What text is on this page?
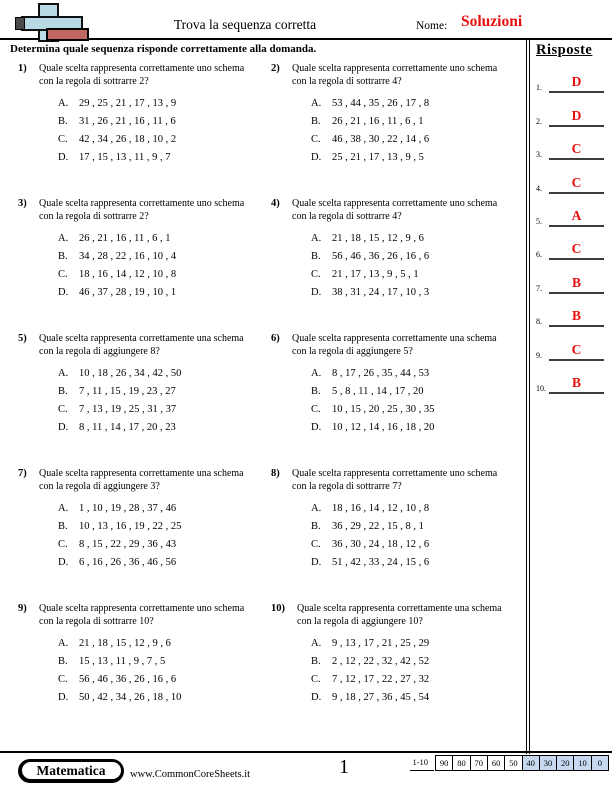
Trova la sequenza corretta	Nome: Soluzioni
Determina quale sequenza risponde correttamente alla domanda.
1)	Quale scelta rappresenta correttamente uno schema con la regola di sottrarre 2?
A.	29 , 25 , 21 , 17 , 13 , 9
B.	31 , 26 , 21 , 16 , 11 , 6
C.	42 , 34 , 26 , 18 , 10 , 2
D.	17 , 15 , 13 , 11 , 9 , 7
2)	Quale scelta rappresenta correttamente uno schema con la regola di sottrarre 4?
A.	53 , 44 , 35 , 26 , 17 , 8
B.	26 , 21 , 16 , 11 , 6 , 1
C.	46 , 38 , 30 , 22 , 14 , 6
D.	25 , 21 , 17 , 13 , 9 , 5
3)	Quale scelta rappresenta correttamente uno schema con la regola di sottrarre 2?
A.	26 , 21 , 16 , 11 , 6 , 1
B.	34 , 28 , 22 , 16 , 10 , 4
C.	18 , 16 , 14 , 12 , 10 , 8
D.	46 , 37 , 28 , 19 , 10 , 1
4)	Quale scelta rappresenta correttamente uno schema con la regola di sottrarre 4?
A.	21 , 18 , 15 , 12 , 9 , 6
B.	56 , 46 , 36 , 26 , 16 , 6
C.	21 , 17 , 13 , 9 , 5 , 1
D.	38 , 31 , 24 , 17 , 10 , 3
5)	Quale scelta rappresenta correttamente una schema con la regola di aggiungere 8?
A.	10 , 18 , 26 , 34 , 42 , 50
B.	7 , 11 , 15 , 19 , 23 , 27
C.	7 , 13 , 19 , 25 , 31 , 37
D.	8 , 11 , 14 , 17 , 20 , 23
6)	Quale scelta rappresenta correttamente una schema con la regola di aggiungere 5?
A.	8 , 17 , 26 , 35 , 44 , 53
B.	5 , 8 , 11 , 14 , 17 , 20
C.	10 , 15 , 20 , 25 , 30 , 35
D.	10 , 12 , 14 , 16 , 18 , 20
7)	Quale scelta rappresenta correttamente una schema con la regola di aggiungere 3?
A.	1 , 10 , 19 , 28 , 37 , 46
B.	10 , 13 , 16 , 19 , 22 , 25
C.	8 , 15 , 22 , 29 , 36 , 43
D.	6 , 16 , 26 , 36 , 46 , 56
8)	Quale scelta rappresenta correttamente uno schema con la regola di sottrarre 7?
A.	18 , 16 , 14 , 12 , 10 , 8
B.	36 , 29 , 22 , 15 , 8 , 1
C.	36 , 30 , 24 , 18 , 12 , 6
D.	51 , 42 , 33 , 24 , 15 , 6
9)	Quale scelta rappresenta correttamente uno schema con la regola di sottrarre 10?
A.	21 , 18 , 15 , 12 , 9 , 6
B.	15 , 13 , 11 , 9 , 7 , 5
C.	56 , 46 , 36 , 26 , 16 , 6
D.	50 , 42 , 34 , 26 , 18 , 10
10)	Quale scelta rappresenta correttamente una schema con la regola di aggiungere 10?
A.	9 , 13 , 17 , 21 , 25 , 29
B.	2 , 12 , 22 , 32 , 42 , 52
C.	7 , 12 , 17 , 22 , 27 , 32
D.	9 , 18 , 27 , 36 , 45 , 54
Risposte
1.	D
2.	D
3.	C
4.	C
5.	A
6.	C
7.	B
8.	B
9.	C
10.	B
Matematica	www.CommonCoreSheets.it	1	1-10	90	80	70	60	50	40	30	20	10	0
